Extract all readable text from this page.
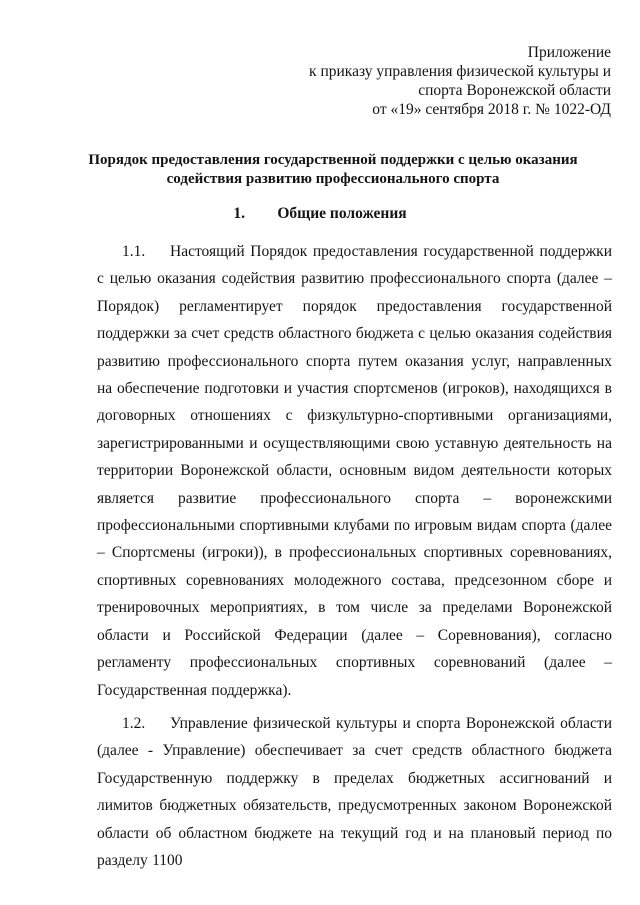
Приложение
к приказу управления физической культуры и
спорта Воронежской области
от «19» сентября 2018 г. № 1022-ОД
Порядок предоставления государственной поддержки с целью оказания содействия развитию профессионального спорта
1. Общие положения

1.1. Настоящий Порядок предоставления государственной поддержки с целью оказания содействия развитию профессионального спорта (далее – Порядок) регламентирует порядок предоставления государственной поддержки за счет средств областного бюджета с целью оказания содействия развитию профессионального спорта путем оказания услуг, направленных на обеспечение подготовки и участия спортсменов (игроков), находящихся в договорных отношениях с физкультурно-спортивными организациями, зарегистрированными и осуществляющими свою уставную деятельность на территории Воронежской области, основным видом деятельности которых является развитие профессионального спорта – воронежскими профессиональными спортивными клубами по игровым видам спорта (далее – Спортсмены (игроки)), в профессиональных спортивных соревнованиях, спортивных соревнованиях молодежного состава, предсезонном сборе и тренировочных мероприятиях, в том числе за пределами Воронежской области и Российской Федерации (далее – Соревнования), согласно регламенту профессиональных спортивных соревнований (далее – Государственная поддержка).

1.2. Управление физической культуры и спорта Воронежской области (далее - Управление) обеспечивает за счет средств областного бюджета Государственную поддержку в пределах бюджетных ассигнований и лимитов бюджетных обязательств, предусмотренных законом Воронежской области об областном бюджете на текущий год и на плановый период по разделу 1100
